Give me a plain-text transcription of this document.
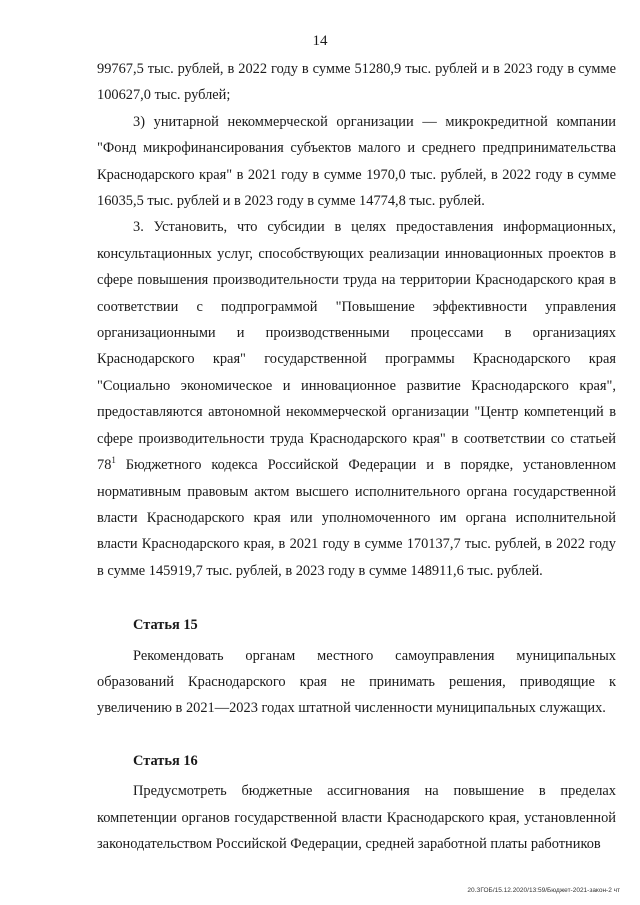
14

99767,5 тыс. рублей, в 2022 году в сумме 51280,9 тыс. рублей и в 2023 году в сумме 100627,0 тыс. рублей;

3) унитарной некоммерческой организации — микрокредитной компании "Фонд микрофинансирования субъектов малого и среднего предпринимательства Краснодарского края" в 2021 году в сумме 1970,0 тыс. рублей, в 2022 году в сумме 16035,5 тыс. рублей и в 2023 году в сумме 14774,8 тыс. рублей.

3. Установить, что субсидии в целях предоставления информационных, консультационных услуг, способствующих реализации инновационных проектов в сфере повышения производительности труда на территории Краснодарского края в соответствии с подпрограммой "Повышение эффективности управления организационными и производственными процессами в организациях Краснодарского края" государственной программы Краснодарского края "Социально экономическое и инновационное развитие Краснодарского края", предоставляются автономной некоммерческой организации "Центр компетенций в сфере производительности труда Краснодарского края" в соответствии со статьей $78^1$ Бюджетного кодекса Российской Федерации и в порядке, установленном нормативным правовым актом высшего исполнительного органа государственной власти Краснодарского края или уполномоченного им органа исполнительной власти Краснодарского края, в 2021 году в сумме 170137,7 тыс. рублей, в 2022 году в сумме 145919,7 тыс. рублей, в 2023 году в сумме 148911,6 тыс. рублей.

Статья 15

Рекомендовать органам местного самоуправления муниципальных образований Краснодарского края не принимать решения, приводящие к увеличению в 2021—2023 годах штатной численности муниципальных служащих.

Статья 16

Предусмотреть бюджетные ассигнования на повышение в пределах компетенции органов государственной власти Краснодарского края, установленной законодательством Российской Федерации, средней заработной платы работников

20.ЗГОБ/15.12.2020/13:59/Бюджет-2021-закон-2 чт
